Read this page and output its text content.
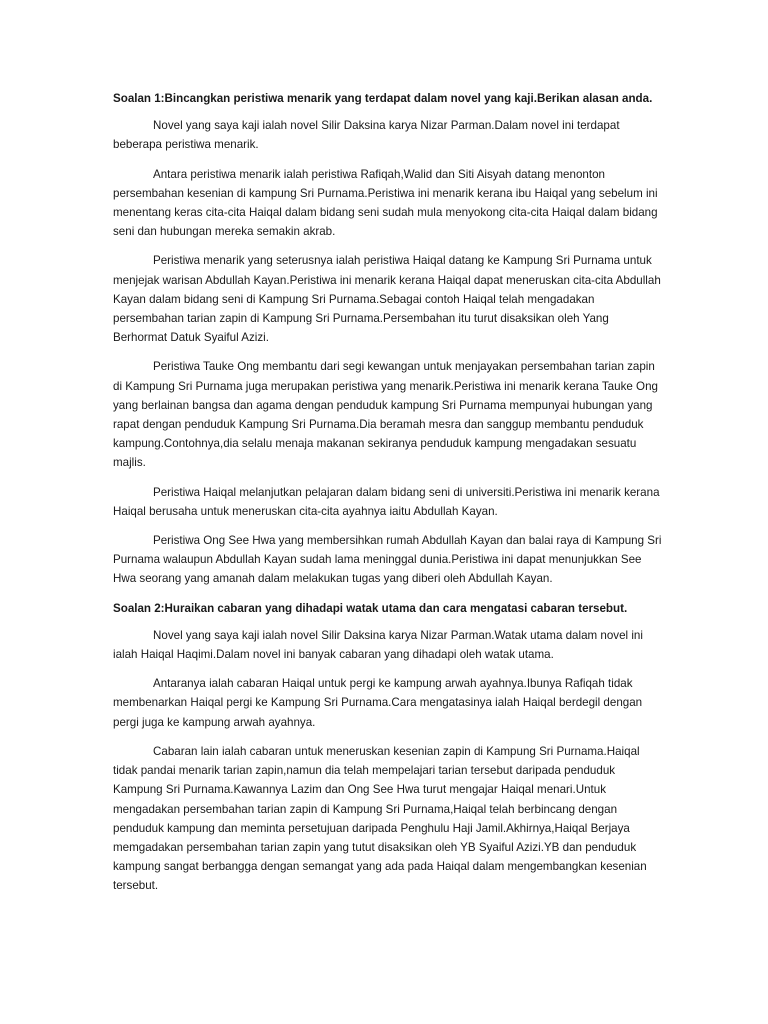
Soalan 1:Bincangkan peristiwa menarik yang terdapat dalam novel yang kaji.Berikan alasan anda.

Novel yang saya kaji ialah novel Silir Daksina karya Nizar Parman.Dalam novel ini terdapat beberapa peristiwa menarik.

Antara peristiwa menarik ialah peristiwa Rafiqah,Walid dan Siti Aisyah datang menonton persembahan kesenian di kampung Sri Purnama.Peristiwa ini menarik kerana ibu Haiqal yang sebelum ini menentang keras cita-cita Haiqal dalam bidang seni sudah mula menyokong cita-cita Haiqal dalam bidang seni dan hubungan mereka semakin akrab.

Peristiwa menarik yang seterusnya ialah peristiwa Haiqal datang ke Kampung Sri Purnama untuk menjejak warisan Abdullah Kayan.Peristiwa ini menarik kerana Haiqal dapat meneruskan cita-cita Abdullah Kayan dalam bidang seni di Kampung Sri Purnama.Sebagai contoh Haiqal telah mengadakan persembahan tarian zapin di Kampung Sri Purnama.Persembahan itu turut disaksikan oleh Yang Berhormat Datuk Syaiful Azizi.

Peristiwa Tauke Ong membantu dari segi kewangan untuk menjayakan persembahan tarian zapin di Kampung Sri Purnama juga merupakan peristiwa yang menarik.Peristiwa ini menarik kerana Tauke Ong yang berlainan bangsa dan agama dengan penduduk kampung Sri Purnama mempunyai hubungan yang rapat dengan penduduk Kampung Sri Purnama.Dia beramah mesra dan sanggup membantu penduduk kampung.Contohnya,dia selalu menaja makanan sekiranya penduduk kampung mengadakan sesuatu majlis.

Peristiwa Haiqal melanjutkan pelajaran dalam bidang seni di universiti.Peristiwa ini menarik kerana Haiqal berusaha untuk meneruskan cita-cita ayahnya iaitu Abdullah Kayan.

Peristiwa Ong See Hwa yang membersihkan rumah Abdullah Kayan dan balai raya di Kampung Sri Purnama walaupun Abdullah Kayan sudah lama meninggal dunia.Peristiwa ini dapat menunjukkan See Hwa seorang yang amanah dalam melakukan tugas yang diberi oleh Abdullah Kayan.

Soalan 2:Huraikan cabaran yang dihadapi watak utama dan cara mengatasi cabaran tersebut.

Novel yang saya kaji ialah novel Silir Daksina karya Nizar Parman.Watak utama dalam novel ini ialah Haiqal Haqimi.Dalam novel ini banyak cabaran yang dihadapi oleh watak utama.

Antaranya ialah cabaran Haiqal untuk pergi ke kampung arwah ayahnya.Ibunya Rafiqah tidak membenarkan Haiqal pergi ke Kampung Sri Purnama.Cara mengatasinya ialah Haiqal berdegil dengan pergi juga ke kampung arwah ayahnya.

Cabaran lain ialah cabaran untuk meneruskan kesenian zapin di Kampung Sri Purnama.Haiqal tidak pandai menarik tarian zapin,namun dia telah mempelajari tarian tersebut daripada penduduk Kampung Sri Purnama.Kawannya Lazim dan Ong See Hwa turut mengajar Haiqal menari.Untuk mengadakan persembahan tarian zapin di Kampung Sri Purnama,Haiqal telah berbincang dengan penduduk kampung dan meminta persetujuan daripada Penghulu Haji Jamil.Akhirnya,Haiqal Berjaya memgadakan persembahan tarian zapin yang tutut disaksikan oleh YB Syaiful Azizi.YB dan penduduk kampung sangat berbangga dengan semangat yang ada pada Haiqal dalam mengembangkan kesenian tersebut.
